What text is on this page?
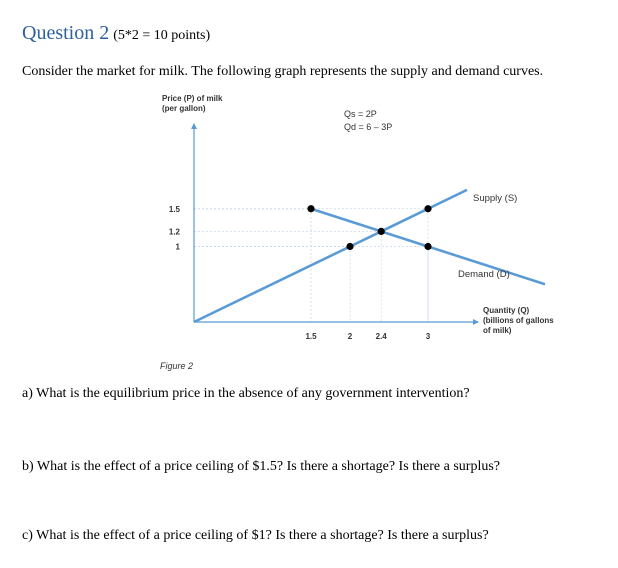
Question 2 (5*2 = 10 points)
Consider the market for milk. The following graph represents the supply and demand curves.
1.5	2	2.4	3
1.5
1.2
1
Price (P) of milk
(per gallon)
Quantity (Q)
(billions of gallons
of milk)
Qs = 2P
Qd = 6 – 3P
Supply (S)
Demand (D)
Figure 2
a) What is the equilibrium price in the absence of any government intervention?
b) What is the effect of a price ceiling of $1.5? Is there a shortage? Is there a surplus?
c) What is the effect of a price ceiling of $1? Is there a shortage? Is there a surplus?
